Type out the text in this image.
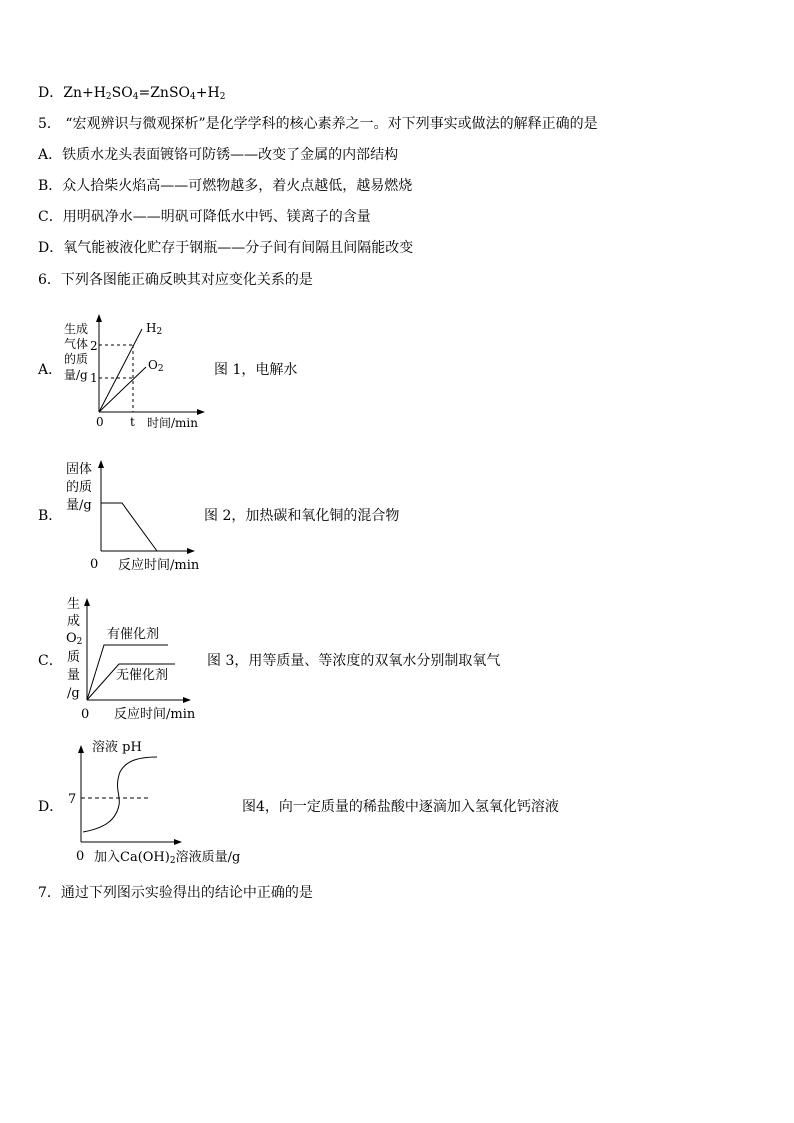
D．$Zn+H_2SO_4=ZnSO_4+H_2$
5． “宏观辨识与微观探析”是化学学科的核心素养之一。对下列事实或做法的解释正确的是
A．铁质水龙头表面镀铬可防锈——改变了金属的内部结构
B．众人拾柴火焰高——可燃物越多，着火点越低，越易燃烧
C．用明矾净水——明矾可降低水中钙、镁离子的含量
D．氧气能被液化贮存于钢瓶——分子间有间隔且间隔能改变
6．下列各图能正确反映其对应变化关系的是
A．
生成
气体
的质
量/g
2
1
$H_2$
$O_2$
0 t 时间/min
图 1，电解水
B．
固体
的质
量/g
0 反应时间/min
图 2，加热碳和氧化铜的混合物
C．
生
成
$O_2$
质
量
/g
有催化剂
无催化剂
0 反应时间/min
图 3，用等质量、等浓度的双氧水分别制取氧气
D．
溶液 pH
7
0 加入$Ca(OH)_2$溶液质量/g
图4，向一定质量的稀盐酸中逐滴加入氢氧化钙溶液
7．通过下列图示实验得出的结论中正确的是
